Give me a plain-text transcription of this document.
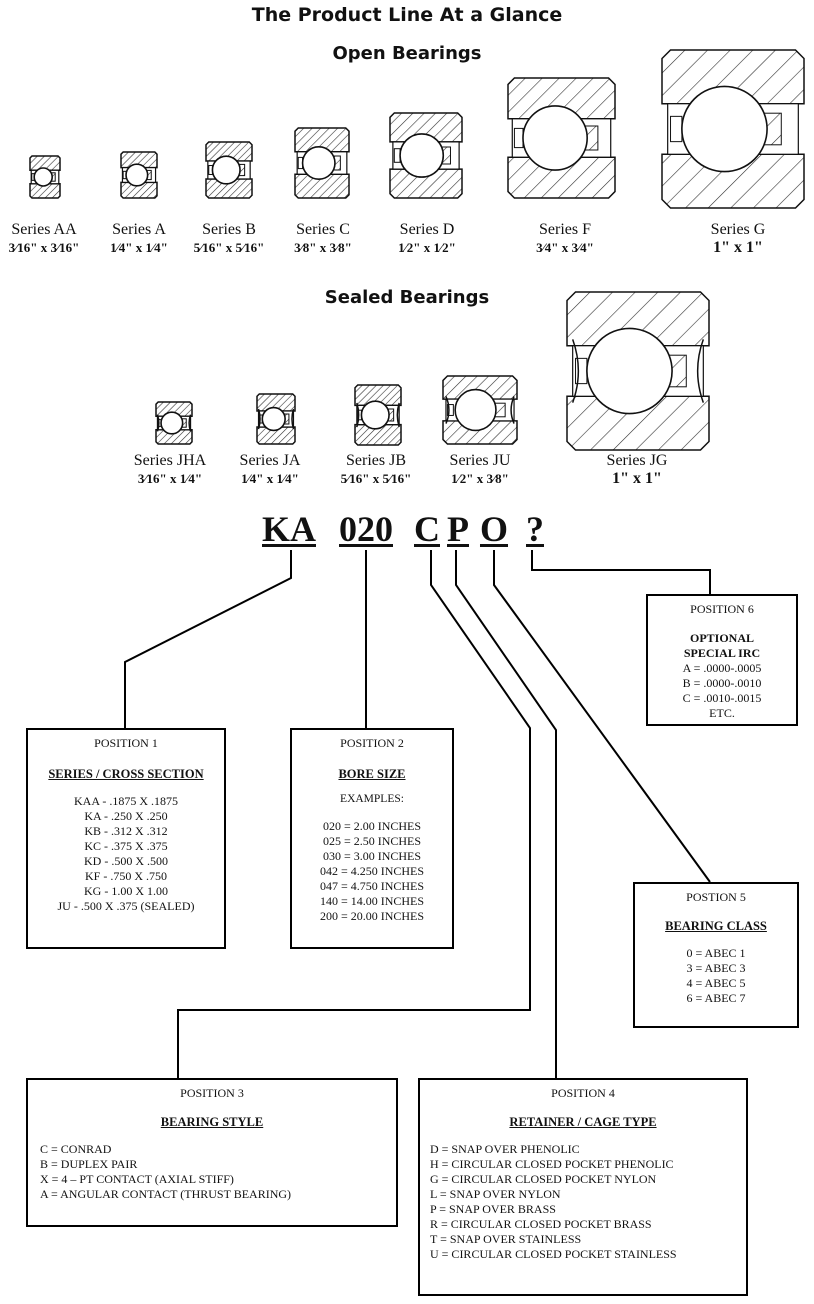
The Product Line At a Glance
Open Bearings
Sealed Bearings
Series AA
3⁄16" x 3⁄16"
Series A
1⁄4" x 1⁄4"
Series B
5⁄16" x 5⁄16"
Series C
3⁄8" x 3⁄8"
Series D
1⁄2" x 1⁄2"
Series F
3⁄4" x 3⁄4"
Series G
1" x 1"
Series JHA
3⁄16" x 1⁄4"
Series JA
1⁄4" x 1⁄4"
Series JB
5⁄16" x 5⁄16"
Series JU
1⁄2" x 3⁄8"
Series JG
1" x 1"
KA 020 C P O ?
POSITION 1
SERIES / CROSS SECTION
KAA - .1875 X .1875
KA - .250 X .250
KB - .312 X .312
KC - .375 X .375
KD - .500 X .500
KF - .750 X .750
KG - 1.00 X 1.00
JU - .500 X .375 (SEALED)
POSITION 2
BORE SIZE
EXAMPLES:
020 = 2.00 INCHES
025 = 2.50 INCHES
030 = 3.00 INCHES
042 = 4.250 INCHES
047 = 4.750 INCHES
140 = 14.00 INCHES
200 = 20.00 INCHES
POSITION 6
OPTIONAL
SPECIAL IRC
A = .0000-.0005
B = .0000-.0010
C = .0010-.0015
ETC.
POSTION 5
BEARING CLASS
0 = ABEC 1
3 = ABEC 3
4 = ABEC 5
6 = ABEC 7
POSITION 3
BEARING STYLE
C = CONRAD
B = DUPLEX PAIR
X = 4 – PT CONTACT (AXIAL STIFF)
A = ANGULAR CONTACT (THRUST BEARING)
POSITION 4
RETAINER / CAGE TYPE
D = SNAP OVER PHENOLIC
H = CIRCULAR CLOSED POCKET PHENOLIC
G = CIRCULAR CLOSED POCKET NYLON
L = SNAP OVER NYLON
P = SNAP OVER BRASS
R = CIRCULAR CLOSED POCKET BRASS
T = SNAP OVER STAINLESS
U = CIRCULAR CLOSED POCKET STAINLESS
